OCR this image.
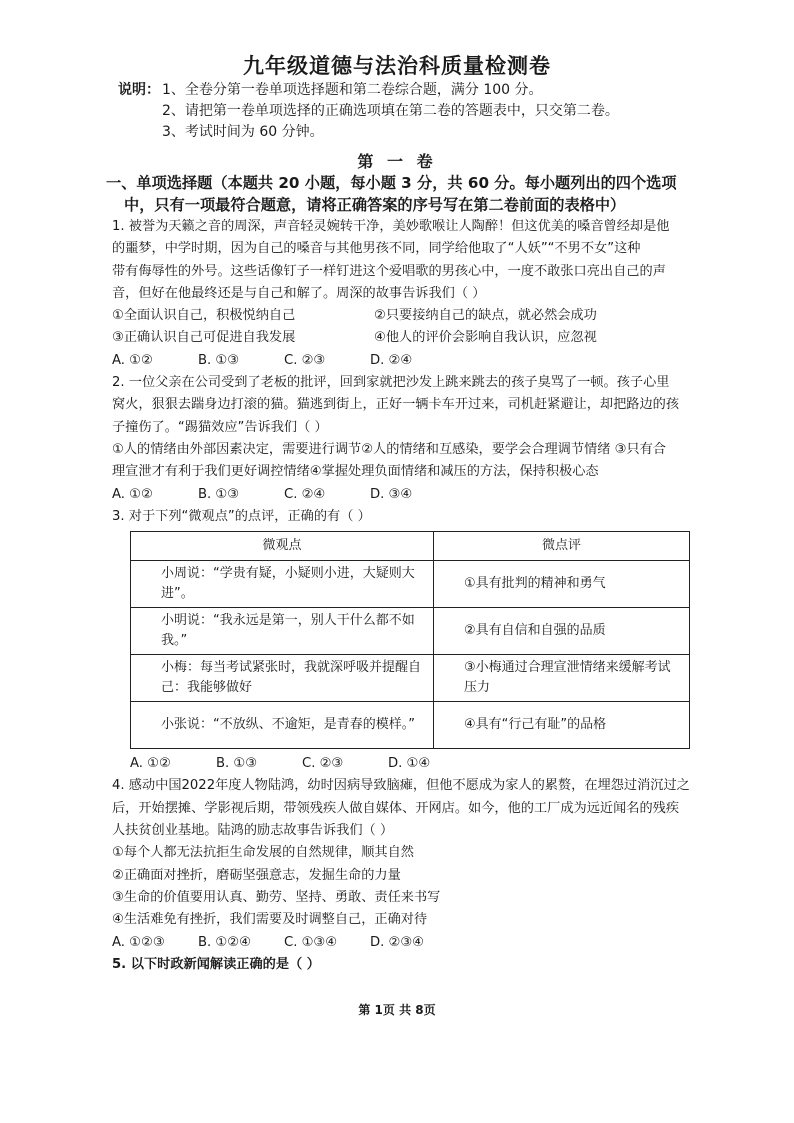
九年级道德与法治科质量检测卷
说明： 1、全卷分第一卷单项选择题和第二卷综合题，满分 100 分。
2、请把第一卷单项选择的正确选项填在第二卷的答题表中，只交第二卷。
3、考试时间为 60 分钟。
第 一 卷
一、单项选择题（本题共 20 小题，每小题 3 分，共 60 分。每小题列出的四个选项
中，只有一项最符合题意，请将正确答案的序号写在第二卷前面的表格中）

1. 被誉为天籁之音的周深，声音轻灵婉转干净，美妙歌喉让人陶醉！但这优美的嗓音曾经却是他

的噩梦，中学时期，因为自己的嗓音与其他男孩不同，同学给他取了“人妖”“不男不女”这种

带有侮辱性的外号。这些话像钉子一样钉进这个爱唱歌的男孩心中，一度不敢张口亮出自己的声

音，但好在他最终还是与自己和解了。周深的故事告诉我们（ ）

①全面认识自己，积极悦纳自己	②只要接纳自己的缺点，就必然会成功

③正确认识自己可促进自我发展	④他人的评价会影响自我认识，应忽视

A. ①②	B. ①③	C. ②③	D. ②④

2. 一位父亲在公司受到了老板的批评，回到家就把沙发上跳来跳去的孩子臭骂了一顿。孩子心里

窝火，狠狠去踹身边打滚的猫。猫逃到街上，正好一辆卡车开过来，司机赶紧避让，却把路边的孩

子撞伤了。“踢猫效应”告诉我们（ ）

①人的情绪由外部因素决定，需要进行调节②人的情绪和互感染，要学会合理调节情绪 ③只有合

理宣泄才有利于我们更好调控情绪④掌握处理负面情绪和减压的方法，保持积极心态

A. ①②	B. ①③	C. ②④	D. ③④

3. 对于下列“微观点”的点评，正确的有（ ）

微观点	微点评
小周说：“学贵有疑，小疑则小进，大疑则大进”。	①具有批判的精神和勇气
小明说：“我永远是第一，别人干什么都不如我。”	②具有自信和自强的品质
小梅：每当考试紧张时，我就深呼吸并提醒自己：我能够做好	③小梅通过合理宣泄情绪来缓解考试压力
小张说：“不放纵、不逾矩，是青春的模样。”	④具有“行己有耻”的品格

A. ①②	B. ①③	C. ②③	D. ①④

4. 感动中国2022年度人物陆鸿，幼时因病导致脑瘫，但他不愿成为家人的累赘，在埋怨过消沉过之

后，开始摆摊、学影视后期，带领残疾人做自媒体、开网店。如今，他的工厂成为远近闻名的残疾

人扶贫创业基地。陆鸿的励志故事告诉我们（ ）

①每个人都无法抗拒生命发展的自然规律，顺其自然

②正确面对挫折，磨砺坚强意志，发掘生命的力量

③生命的价值要用认真、勤劳、坚持、勇敢、责任来书写

④生活难免有挫折，我们需要及时调整自己，正确对待

A. ①②③	B. ①②④	C. ①③④ D. ②③④

5. 以下时政新闻解读正确的是（ ）

第 1页 共 8页
